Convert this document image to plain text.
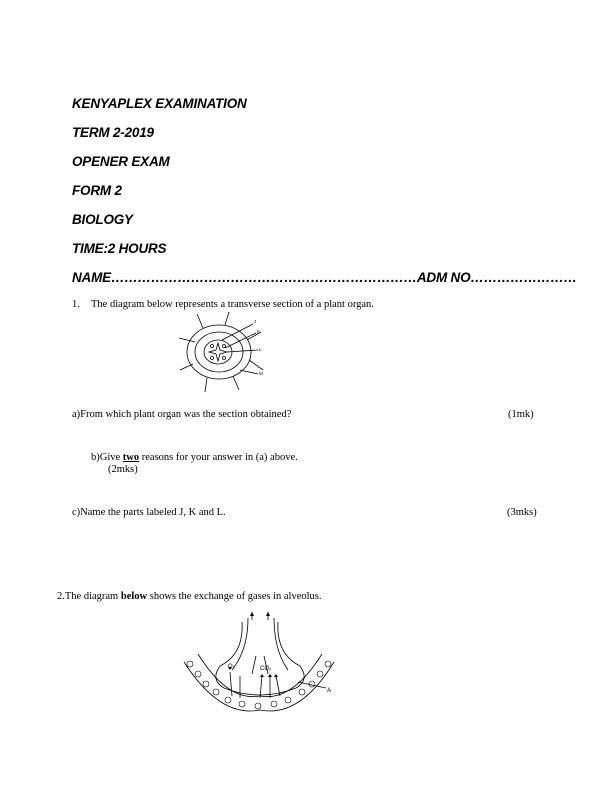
KENYAPLEX EXAMINATION
TERM 2-2019
OPENER EXAM
FORM 2
BIOLOGY
TIME:2 HOURS
NAME……………………………………………………………ADM NO……………………
1. The diagram below represents a transverse section of a plant organ.
J
K
L
M
a)From which plant organ was the section obtained?	(1mk)
b)Give two reasons for your answer in (a) above.
(2mks)
c)Name the parts labeled J, K and L.	(3mks)
2.The diagram below shows the exchange of gases in alveolus.
O₂	CO₂
A
